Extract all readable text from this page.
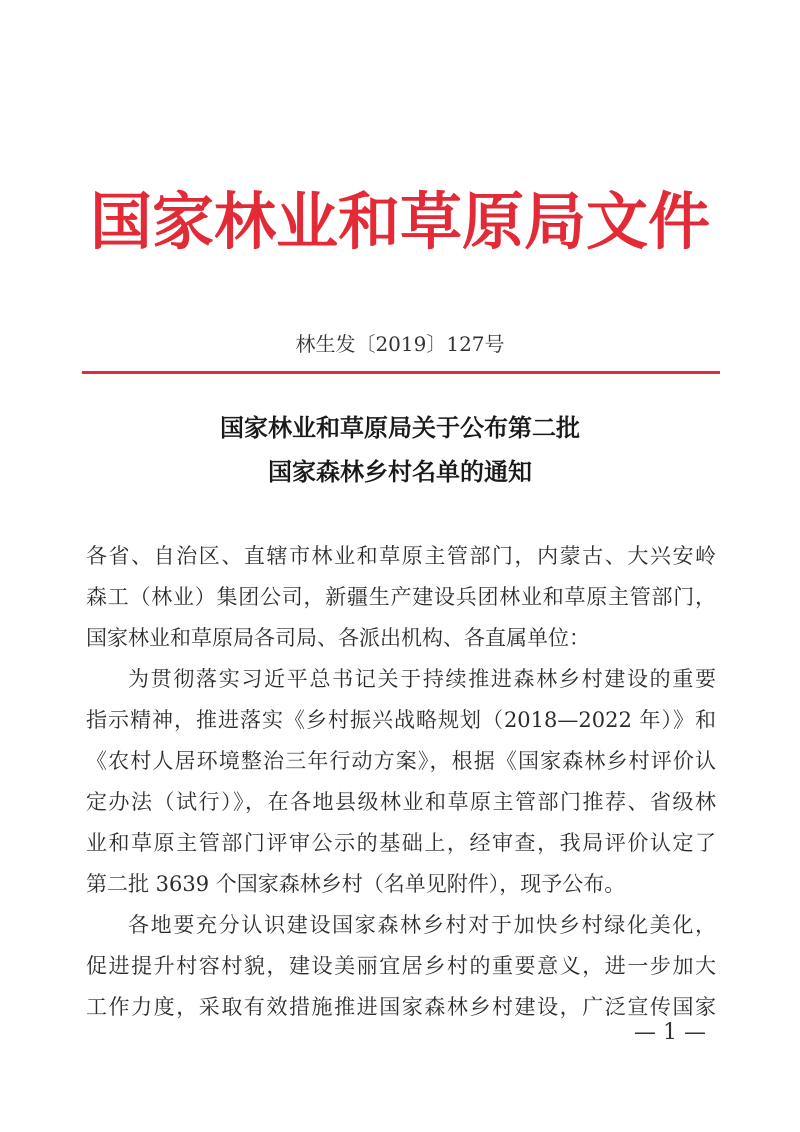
国家林业和草原局文件
林生发〔2019〕127号
国家林业和草原局关于公布第二批
国家森林乡村名单的通知
各省、自治区、直辖市林业和草原主管部门，内蒙古、大兴安岭
森工（林业）集团公司，新疆生产建设兵团林业和草原主管部门，
国家林业和草原局各司局、各派出机构、各直属单位：
为贯彻落实习近平总书记关于持续推进森林乡村建设的重要
指示精神，推进落实《乡村振兴战略规划（2018—2022 年）》和
《农村人居环境整治三年行动方案》，根据《国家森林乡村评价认
定办法（试行）》，在各地县级林业和草原主管部门推荐、省级林
业和草原主管部门评审公示的基础上，经审查，我局评价认定了
第二批 3639 个国家森林乡村（名单见附件），现予公布。
各地要充分认识建设国家森林乡村对于加快乡村绿化美化，
促进提升村容村貌，建设美丽宜居乡村的重要意义，进一步加大
工作力度，采取有效措施推进国家森林乡村建设，广泛宣传国家
— 1 —
